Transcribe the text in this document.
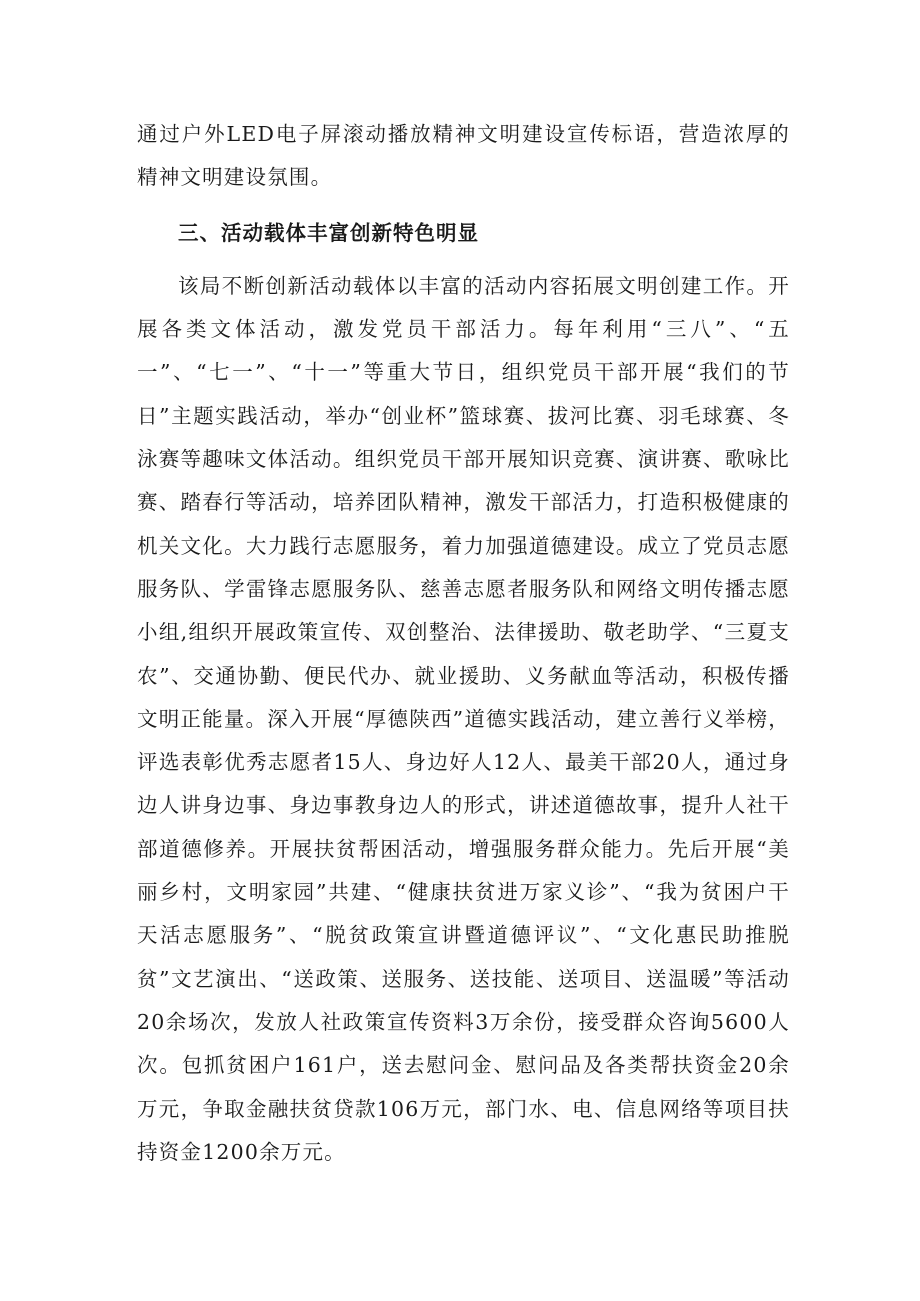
通过户外LED电子屏滚动播放精神文明建设宣传标语，营造浓厚的精神文明建设氛围。

三、活动载体丰富创新特色明显

该局不断创新活动载体以丰富的活动内容拓展文明创建工作。开展各类文体活动，激发党员干部活力。每年利用“三八”、“五一”、“七一”、“十一”等重大节日，组织党员干部开展“我们的节日”主题实践活动，举办“创业杯”篮球赛、拔河比赛、羽毛球赛、冬泳赛等趣味文体活动。组织党员干部开展知识竞赛、演讲赛、歌咏比赛、踏春行等活动，培养团队精神，激发干部活力，打造积极健康的机关文化。大力践行志愿服务，着力加强道德建设。成立了党员志愿服务队、学雷锋志愿服务队、慈善志愿者服务队和网络文明传播志愿小组,组织开展政策宣传、双创整治、法律援助、敬老助学、“三夏支农”、交通协勤、便民代办、就业援助、义务献血等活动，积极传播文明正能量。深入开展“厚德陕西”道德实践活动，建立善行义举榜，评选表彰优秀志愿者15人、身边好人12人、最美干部20人，通过身边人讲身边事、身边事教身边人的形式，讲述道德故事，提升人社干部道德修养。开展扶贫帮困活动，增强服务群众能力。先后开展“美丽乡村，文明家园”共建、“健康扶贫进万家义诊”、“我为贫困户干天活志愿服务”、“脱贫政策宣讲暨道德评议”、“文化惠民助推脱贫”文艺演出、“送政策、送服务、送技能、送项目、送温暖”等活动20余场次，发放人社政策宣传资料3万余份，接受群众咨询5600人次。包抓贫困户161户，送去慰问金、慰问品及各类帮扶资金20余万元，争取金融扶贫贷款106万元，部门水、电、信息网络等项目扶持资金1200余万元。
